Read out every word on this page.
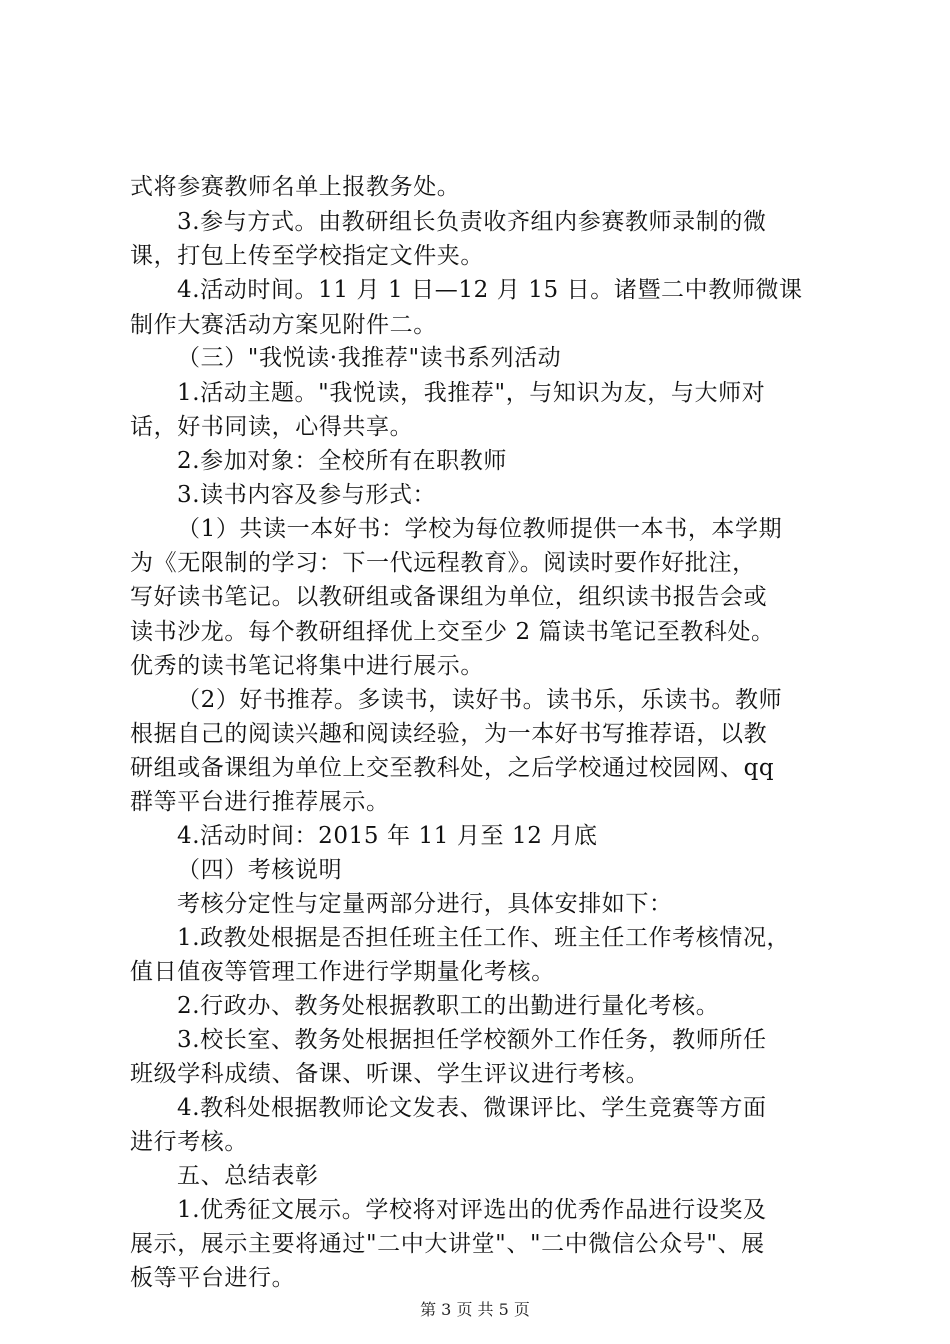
式将参赛教师名单上报教务处。
3.参与方式。由教研组长负责收齐组内参赛教师录制的微
课，打包上传至学校指定文件夹。
4.活动时间。11 月 1 日—12 月 15 日。诸暨二中教师微课
制作大赛活动方案见附件二。
（三）"我悦读·我推荐"读书系列活动
1.活动主题。"我悦读，我推荐"，与知识为友，与大师对
话，好书同读，心得共享。
2.参加对象：全校所有在职教师
3.读书内容及参与形式：
（1）共读一本好书：学校为每位教师提供一本书，本学期
为《无限制的学习：下一代远程教育》。阅读时要作好批注，
写好读书笔记。以教研组或备课组为单位，组织读书报告会或
读书沙龙。每个教研组择优上交至少 2 篇读书笔记至教科处。
优秀的读书笔记将集中进行展示。
（2）好书推荐。多读书，读好书。读书乐，乐读书。教师
根据自己的阅读兴趣和阅读经验，为一本好书写推荐语，以教
研组或备课组为单位上交至教科处，之后学校通过校园网、qq
群等平台进行推荐展示。
4.活动时间：2015 年 11 月至 12 月底
（四）考核说明
考核分定性与定量两部分进行，具体安排如下：
1.政教处根据是否担任班主任工作、班主任工作考核情况，
值日值夜等管理工作进行学期量化考核。
2.行政办、教务处根据教职工的出勤进行量化考核。
3.校长室、教务处根据担任学校额外工作任务，教师所任
班级学科成绩、备课、听课、学生评议进行考核。
4.教科处根据教师论文发表、微课评比、学生竞赛等方面
进行考核。
五、总结表彰
1.优秀征文展示。学校将对评选出的优秀作品进行设奖及
展示，展示主要将通过"二中大讲堂"、"二中微信公众号"、展
板等平台进行。
第 3 页 共 5 页
